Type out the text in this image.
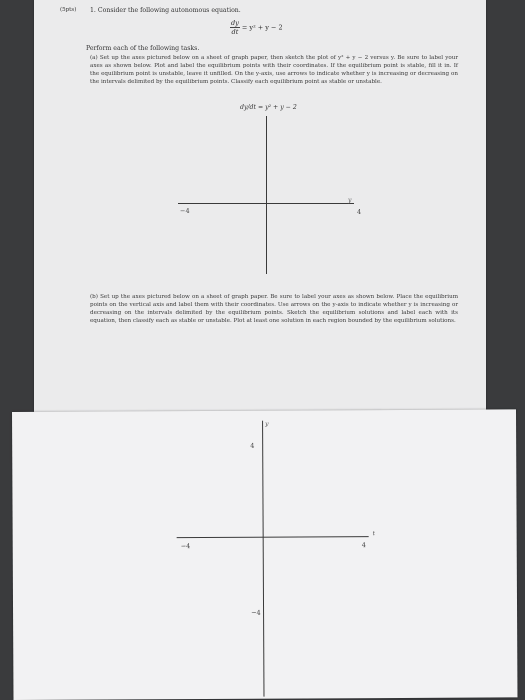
(5pts) 1. Consider the following autonomous equation.
$\frac{dy}{dt} = y^2 + y - 2$
Perform each of the following tasks.
(a) Set up the axes pictured below on a sheet of graph paper, then sketch the plot of y² + y − 2 versus y. Be sure to label your axes as shown below. Plot and label the equilibrium points with their coordinates. If the equilibrium point is stable, fill it in. If the equilibrium point is unstable, leave it unfilled. On the y-axis, use arrows to indicate whether y is increasing or decreasing on the intervals delimited by the equilibrium points. Classify each equilibrium point as stable or unstable.
dy/dt = y² + y − 2
y
−4	4
(b) Set up the axes pictured below on a sheet of graph paper. Be sure to label your axes as shown below. Place the equilibrium points on the vertical axis and label them with their coordinates. Use arrows on the y-axis to indicate whether y is increasing or decreasing on the intervals delimited by the equilibrium points. Sketch the equilibrium solutions and label each with its equation, then classify each as stable or unstable. Plot at least one solution in each region bounded by the equilibrium solutions.
y
t
4
−4
−4	4
